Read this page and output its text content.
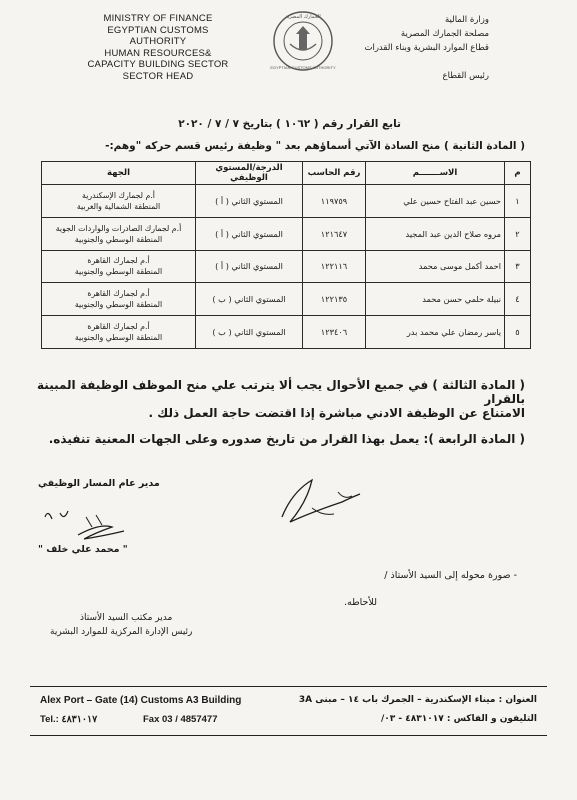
MINISTRY OF FINANCE
EGYPTIAN CUSTOMS AUTHORITY
HUMAN RESOURCES&
CAPACITY BUILDING SECTOR
SECTOR HEAD
الجمارك المصرية
EGYPTIAN CUSTOMS AUTHORITY
وزارة المالية
مصلحة الجمارك المصرية
قطاع الموارد البشرية وبناء القدرات
رئيس القطاع
تابع القرار رقم ( ١٠٦٢ ) بتاريخ ٧ / ٧ / ٢٠٢٠
( المادة الثانية ) منح السادة الآتي أسماؤهم بعد " وظيفة رئيس قسم حركه "وهم:-
م	الاســـــــم	رقم الحاسب	الدرجة/المستوي الوظيفي	الجهة
١	حسين عبد الفتاح حسين علي	١١٩٧٥٩	المستوي الثاني ( أ )	أ.م لجمارك الإسكندرية
المنطقة الشمالية والغربية
٢	مروه صلاح الدين عبد المجيد	١٢١٦٤٧	المستوي الثاني ( أ )	أ.م لجمارك الصادرات والواردات الجوية
المنطقة الوسطي والجنوبية
٣	احمد أكمل موسى محمد	١٢٢١١٦	المستوي الثاني ( أ )	أ.م لجمارك القاهرة
المنطقة الوسطي والجنوبية
٤	نبيلة حلمي حسن محمد	١٢٢١٣٥	المستوي الثاني ( ب )	أ.م لجمارك القاهرة
المنطقة الوسطي والجنوبية
٥	ياسر رمضان علي محمد بدر	١٢٣٤٠٦	المستوي الثاني ( ب )	أ.م لجمارك القاهرة
المنطقة الوسطي والجنوبية
( المادة الثالثة ) في جميع الأحوال يجب ألا يترتب علي منح الموظف الوظيفة المبينة بالقرار
الامتناع عن الوظيفة الادني مباشرة إذا اقتضت حاجة العمل ذلك .
( المادة الرابعة ): يعمل بهذا القرار من تاريخ صدوره وعلى الجهات المعنية تنفيذه.
مدير عام المسار الوظيفي
" محمد علي خلف "
- صورة محوله إلى السيد الأستاذ /
للأحاطه.
مدير مكتب السيد الأستاذ
رئيس الإدارة المركزية للموارد البشرية
Alex Port – Gate (14) Customs A3 Building
Tel.: ٤٨٣١٠١٧	Fax 03 / 4857477
العنوان : ميناء الإسكندرية – الجمرك باب ١٤ – مبنى 3A
التليفون و الفاكس : ٤٨٣١٠١٧ - ٠٣/
